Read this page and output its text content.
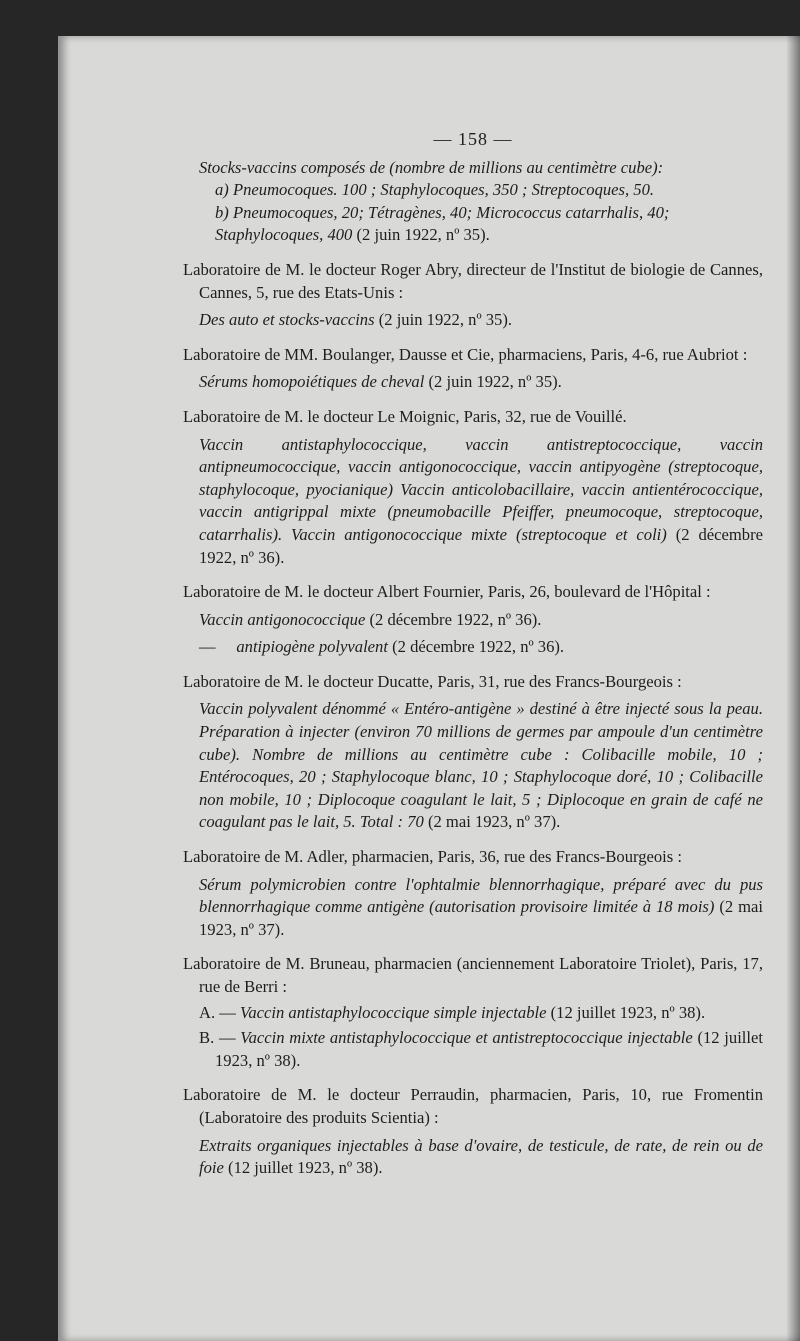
— 158 —

Stocks-vaccins composés de (nombre de millions au centimètre cube):

a) Pneumocoques. 100 ; Staphylocoques, 350 ; Streptocoques, 50.

b) Pneumocoques, 20; Tétragènes, 40; Micrococcus catarrhalis, 40;

Staphylocoques, 400 (2 juin 1922, nº 35).

Laboratoire de M. le docteur Roger Abry, directeur de l'Institut de biologie de Cannes, Cannes, 5, rue des Etats-Unis :

Des auto et stocks-vaccins (2 juin 1922, nº 35).

Laboratoire de MM. Boulanger, Dausse et Cie, pharmaciens, Paris, 4-6, rue Aubriot :

Sérums homopoiétiques de cheval (2 juin 1922, nº 35).

Laboratoire de M. le docteur Le Moignic, Paris, 32, rue de Vouillé.

Vaccin antistaphylococcique, vaccin antistreptococcique, vaccin antipneumococcique, vaccin antigonococcique, vaccin antipyogène (streptocoque, staphylocoque, pyocianique) Vaccin anticolobacillaire, vaccin antientérococcique, vaccin antigrippal mixte (pneumobacille Pfeiffer, pneumocoque, streptocoque, catarrhalis). Vaccin antigonococcique mixte (streptocoque et coli) (2 décembre 1922, nº 36).

Laboratoire de M. le docteur Albert Fournier, Paris, 26, boulevard de l'Hôpital :

Vaccin antigonococcique (2 décembre 1922, nº 36).

— antipiogène polyvalent (2 décembre 1922, nº 36).

Laboratoire de M. le docteur Ducatte, Paris, 31, rue des Francs-Bourgeois :

Vaccin polyvalent dénommé « Entéro-antigène » destiné à être injecté sous la peau. Préparation à injecter (environ 70 millions de germes par ampoule d'un centimètre cube). Nombre de millions au centimètre cube : Colibacille mobile, 10 ; Entérocoques, 20 ; Staphylocoque blanc, 10 ; Staphylocoque doré, 10 ; Colibacille non mobile, 10 ; Diplocoque coagulant le lait, 5 ; Diplocoque en grain de café ne coagulant pas le lait, 5. Total : 70 (2 mai 1923, nº 37).

Laboratoire de M. Adler, pharmacien, Paris, 36, rue des Francs-Bourgeois :

Sérum polymicrobien contre l'ophtalmie blennorrhagique, préparé avec du pus blennorrhagique comme antigène (autorisation provisoire limitée à 18 mois) (2 mai 1923, nº 37).

Laboratoire de M. Bruneau, pharmacien (anciennement Laboratoire Triolet), Paris, 17, rue de Berri :

A. — Vaccin antistaphylococcique simple injectable (12 juillet 1923, nº 38).

B. — Vaccin mixte antistaphylococcique et antistreptococcique injectable (12 juillet 1923, nº 38).

Laboratoire de M. le docteur Perraudin, pharmacien, Paris, 10, rue Fromentin (Laboratoire des produits Scientia) :

Extraits organiques injectables à base d'ovaire, de testicule, de rate, de rein ou de foie (12 juillet 1923, nº 38).
